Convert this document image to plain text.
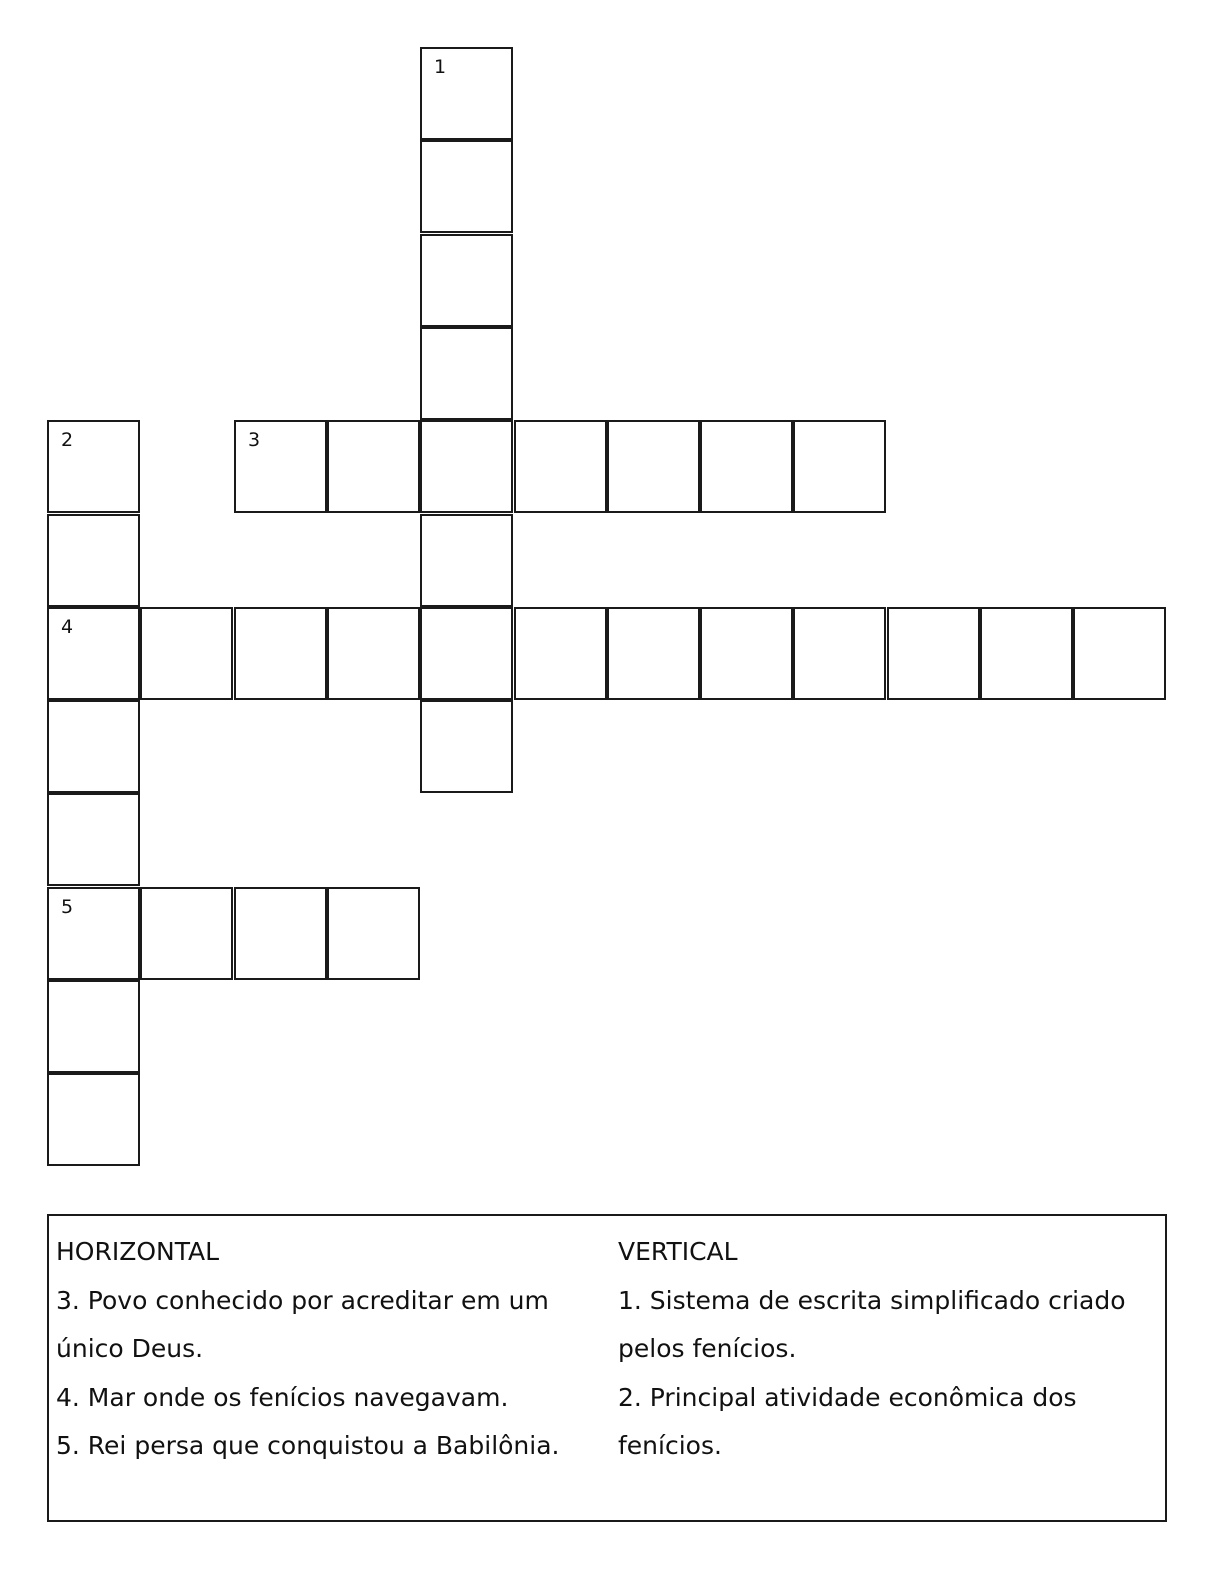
1
2
4
5
3
HORIZONTAL
3. Povo conhecido por acreditar em um único Deus.
4. Mar onde os fenícios navegavam.
5. Rei persa que conquistou a Babilônia.
VERTICAL
1. Sistema de escrita simplificado criado pelos fenícios.
2. Principal atividade econômica dos fenícios.
